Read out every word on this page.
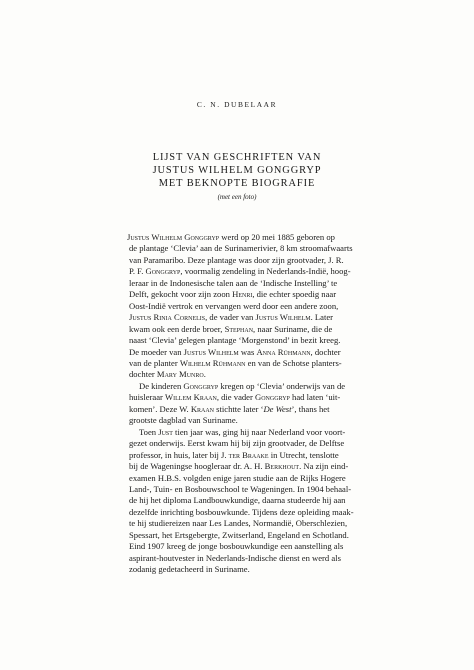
C. N. DUBELAAR
LIJST VAN GESCHRIFTEN VAN
JUSTUS WILHELM GONGGRYP
MET BEKNOPTE BIOGRAFIE
(met een foto)

Justus Wilhelm Gonggryp werd op 20 mei 1885 geboren op
de plantage ‘Clevia’ aan de Surinamerivier, 8 km stroomafwaarts
van Paramaribo. Deze plantage was door zijn grootvader, J. R.
P. F. Gonggryp, voormalig zendeling in Nederlands-Indië, hoog-
leraar in de Indonesische talen aan de ‘Indische Instelling’ te
Delft, gekocht voor zijn zoon Henri, die echter spoedig naar
Oost-Indië vertrok en vervangen werd door een andere zoon,
Justus Rinia Cornelis, de vader van Justus Wilhelm. Later
kwam ook een derde broer, Stephan, naar Suriname, die de
naast ‘Clevia’ gelegen plantage ‘Morgenstond’ in bezit kreeg.
De moeder van Justus Wilhelm was Anna Rühmann, dochter
van de planter Wilhelm Rühmann en van de Schotse planters-
dochter Mary Munro.

De kinderen Gonggryp kregen op ‘Clevia’ onderwijs van de
huisleraar Willem Kraan, die vader Gonggryp had laten ‘uit-
komen’. Deze W. Kraan stichtte later ‘De West’, thans het
grootste dagblad van Suriname.

Toen Just tien jaar was, ging hij naar Nederland voor voort-
gezet onderwijs. Eerst kwam hij bij zijn grootvader, de Delftse
professor, in huis, later bij J. ter Braake in Utrecht, tenslotte
bij de Wageningse hoogleraar dr. A. H. Berkhout. Na zijn eind-
examen H.B.S. volgden enige jaren studie aan de Rijks Hogere
Land-, Tuin- en Bosbouwschool te Wageningen. In 1904 behaal-
de hij het diploma Landbouwkundige, daarna studeerde hij aan
dezelfde inrichting bosbouwkunde. Tijdens deze opleiding maak-
te hij studiereizen naar Les Landes, Normandië, Oberschlezien,
Spessart, het Ertsgebergte, Zwitserland, Engeland en Schotland.
Eind 1907 kreeg de jonge bosbouwkundige een aanstelling als
aspirant-houtvester in Nederlands-Indische dienst en werd als
zodanig gedetacheerd in Suriname.
